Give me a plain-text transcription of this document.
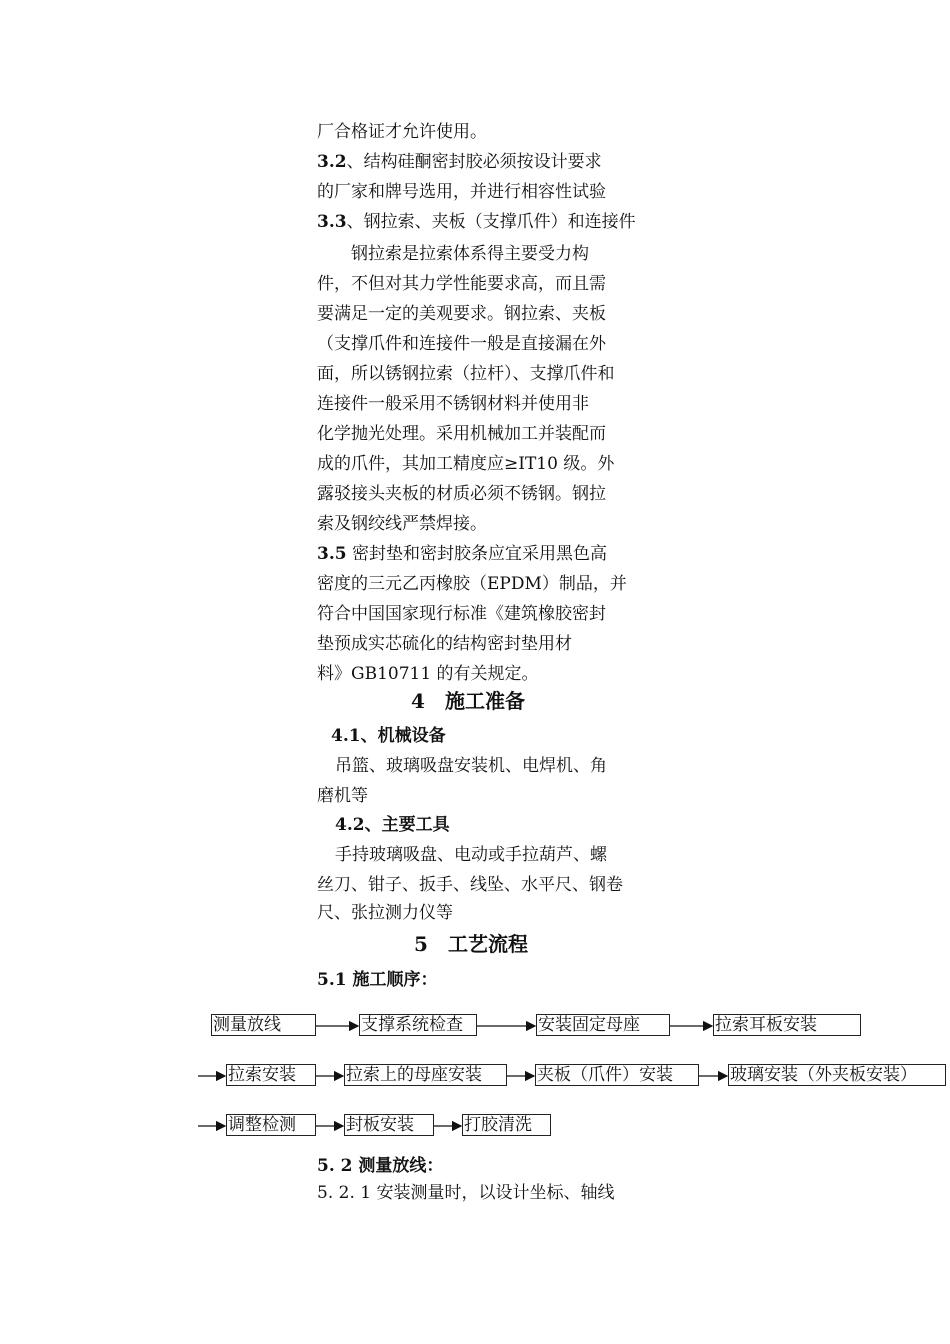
厂合格证才允许使用。
3.2、结构硅酮密封胶必须按设计要求
的厂家和牌号选用，并进行相容性试验
3.3、钢拉索、夹板（支撑爪件）和连接件
钢拉索是拉索体系得主要受力构
件，不但对其力学性能要求高，而且需
要满足一定的美观要求。钢拉索、夹板
（支撑爪件和连接件一般是直接漏在外
面，所以锈钢拉索（拉杆）、支撑爪件和
连接件一般采用不锈钢材料并使用非
化学抛光处理。采用机械加工并装配而
成的爪件，其加工精度应≥IT10 级。外
露驳接头夹板的材质必须不锈钢。钢拉
索及钢绞线严禁焊接。
3.5 密封垫和密封胶条应宜采用黑色高
密度的三元乙丙橡胶（EPDM）制品，并
符合中国国家现行标准《建筑橡胶密封
垫预成实芯硫化的结构密封垫用材
料》GB10711 的有关规定。
4 施工准备
4.1、机械设备
吊篮、玻璃吸盘安装机、电焊机、角
磨机等
4.2、主要工具
手持玻璃吸盘、电动或手拉葫芦、螺
丝刀、钳子、扳手、线坠、水平尺、钢卷
尺、张拉测力仪等
5 工艺流程
5.1 施工顺序：
测量放线	支撑系统检查	安装固定母座	拉索耳板安装
拉索安装	拉索上的母座安装	夹板（爪件）安装	玻璃安装（外夹板安装）
调整检测	封板安装	打胶清洗
5. 2 测量放线：
5. 2. 1 安装测量时，以设计坐标、轴线
